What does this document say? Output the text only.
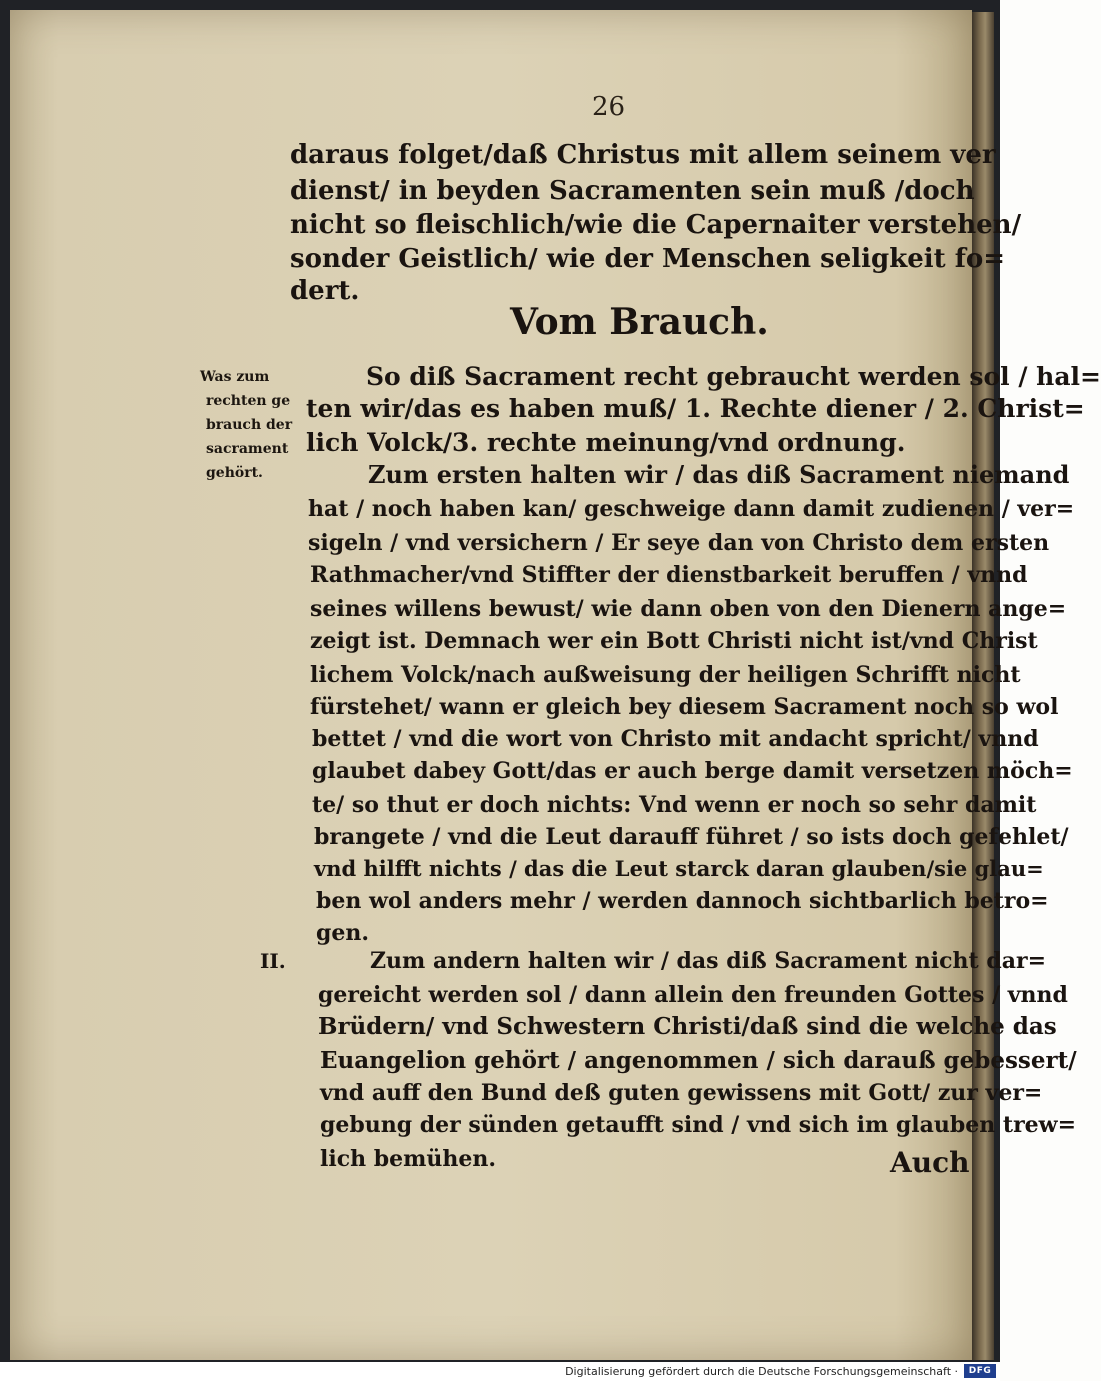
26
daraus folget/daß Christus mit allem seinem ver
dienst/ in beyden Sacramenten sein muß /doch
nicht so fleischlich/wie die Capernaiter verstehen/
sonder Geistlich/ wie der Menschen seligkeit fo=
dert.
Vom Brauch.
Was zum
rechten ge
brauch der
sacrament
gehört.
II.
So diß Sacrament recht gebraucht werden sol / hal=
ten wir/das es haben muß/ 1. Rechte diener / 2. Christ=
lich Volck/3. rechte meinung/vnd ordnung.
Zum ersten halten wir / das diß Sacrament niemand
hat / noch haben kan/ geschweige dann damit zudienen / ver=
sigeln / vnd versichern / Er seye dan von Christo dem ersten
Rathmacher/vnd Stiffter der dienstbarkeit beruffen / vnnd
seines willens bewust/ wie dann oben von den Dienern ange=
zeigt ist. Demnach wer ein Bott Christi nicht ist/vnd Christ
lichem Volck/nach außweisung der heiligen Schrifft nicht
fürstehet/ wann er gleich bey diesem Sacrament noch so wol
bettet / vnd die wort von Christo mit andacht spricht/ vnnd
glaubet dabey Gott/das er auch berge damit versetzen möch=
te/ so thut er doch nichts: Vnd wenn er noch so sehr damit
brangete / vnd die Leut darauff führet / so ists doch gefehlet/
vnd hilfft nichts / das die Leut starck daran glauben/sie glau=
ben wol anders mehr / werden dannoch sichtbarlich betro=
gen.
Zum andern halten wir / das diß Sacrament nicht dar=
gereicht werden sol / dann allein den freunden Gottes / vnnd
Brüdern/ vnd Schwestern Christi/daß sind die welche das
Euangelion gehört / angenommen / sich darauß gebessert/
vnd auff den Bund deß guten gewissens mit Gott/ zur ver=
gebung der sünden getaufft sind / vnd sich im glauben trew=
lich bemühen.	Auch
Digitalisierung gefördert durch die Deutsche Forschungsgemeinschaft ·	DFG
